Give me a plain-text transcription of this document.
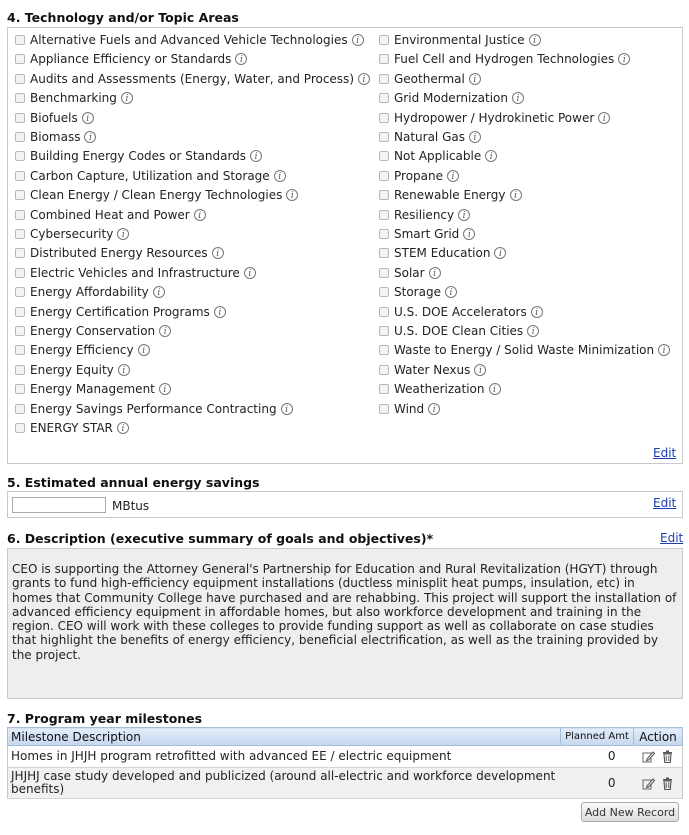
4. Technology and/or Topic Areas
Alternative Fuels and Advanced Vehicle Technologies i
Appliance Efficiency or Standards i
Audits and Assessments (Energy, Water, and Process) i
Benchmarking i
Biofuels i
Biomass i
Building Energy Codes or Standards i
Carbon Capture, Utilization and Storage i
Clean Energy / Clean Energy Technologies i
Combined Heat and Power i
Cybersecurity i
Distributed Energy Resources i
Electric Vehicles and Infrastructure i
Energy Affordability i
Energy Certification Programs i
Energy Conservation i
Energy Efficiency i
Energy Equity i
Energy Management i
Energy Savings Performance Contracting i
ENERGY STAR i
Environmental Justice i
Fuel Cell and Hydrogen Technologies i
Geothermal i
Grid Modernization i
Hydropower / Hydrokinetic Power i
Natural Gas i
Not Applicable i
Propane i
Renewable Energy i
Resiliency i
Smart Grid i
STEM Education i
Solar i
Storage i
U.S. DOE Accelerators i
U.S. DOE Clean Cities i
Waste to Energy / Solid Waste Minimization i
Water Nexus i
Weatherization i
Wind i
Edit
5. Estimated annual energy savings
MBtus	Edit
6. Description (executive summary of goals and objectives)*	Edit
CEO is supporting the Attorney General's Partnership for Education and Rural Revitalization (HGYT) through grants to fund high-efficiency equipment installations (ductless minisplit heat pumps, insulation, etc) in homes that Community College have purchased and are rehabbing. This project will support the installation of advanced efficiency equipment in affordable homes, but also workforce development and training in the region. CEO will work with these colleges to provide funding support as well as collaborate on case studies that highlight the benefits of energy efficiency, beneficial electrification, as well as the training provided by the project.
7. Program year milestones
Milestone Description	Planned Amt	Action
Homes in JHJH program retrofitted with advanced EE / electric equipment	0	
JHJHJ case study developed and publicized (around all-electric and workforce development benefits)	0	
Add New Record
